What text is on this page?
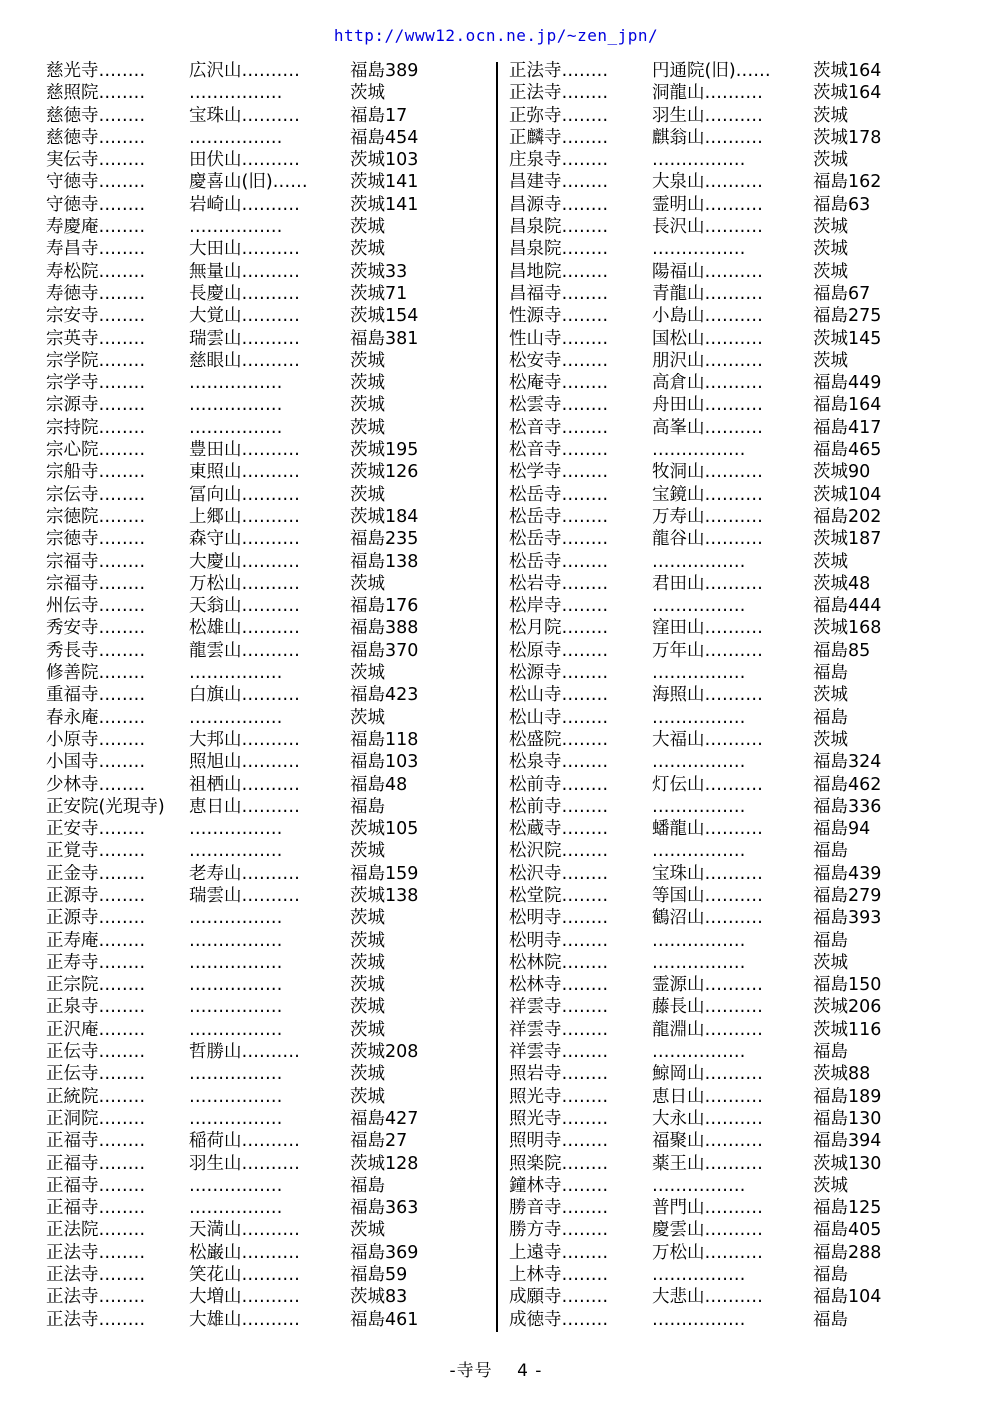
http://www12.ocn.ne.jp/~zen_jpn/
慈光寺‥‥‥‥	広沢山‥‥‥‥‥	福島389
慈照院‥‥‥‥	‥‥‥‥‥‥‥‥	茨城
慈徳寺‥‥‥‥	宝珠山‥‥‥‥‥	福島17
慈徳寺‥‥‥‥	‥‥‥‥‥‥‥‥	福島454
実伝寺‥‥‥‥	田伏山‥‥‥‥‥	茨城103
守徳寺‥‥‥‥	慶喜山(旧)‥‥‥	茨城141
守徳寺‥‥‥‥	岩崎山‥‥‥‥‥	茨城141
寿慶庵‥‥‥‥	‥‥‥‥‥‥‥‥	茨城
寿昌寺‥‥‥‥	大田山‥‥‥‥‥	茨城
寿松院‥‥‥‥	無量山‥‥‥‥‥	茨城33
寿徳寺‥‥‥‥	長慶山‥‥‥‥‥	茨城71
宗安寺‥‥‥‥	大覚山‥‥‥‥‥	茨城154
宗英寺‥‥‥‥	瑞雲山‥‥‥‥‥	福島381
宗学院‥‥‥‥	慈眼山‥‥‥‥‥	茨城
宗学寺‥‥‥‥	‥‥‥‥‥‥‥‥	茨城
宗源寺‥‥‥‥	‥‥‥‥‥‥‥‥	茨城
宗持院‥‥‥‥	‥‥‥‥‥‥‥‥	茨城
宗心院‥‥‥‥	豊田山‥‥‥‥‥	茨城195
宗船寺‥‥‥‥	東照山‥‥‥‥‥	茨城126
宗伝寺‥‥‥‥	冨向山‥‥‥‥‥	茨城
宗徳院‥‥‥‥	上郷山‥‥‥‥‥	茨城184
宗徳寺‥‥‥‥	森守山‥‥‥‥‥	福島235
宗福寺‥‥‥‥	大慶山‥‥‥‥‥	福島138
宗福寺‥‥‥‥	万松山‥‥‥‥‥	茨城
州伝寺‥‥‥‥	天翁山‥‥‥‥‥	福島176
秀安寺‥‥‥‥	松雄山‥‥‥‥‥	福島388
秀長寺‥‥‥‥	龍雲山‥‥‥‥‥	福島370
修善院‥‥‥‥	‥‥‥‥‥‥‥‥	茨城
重福寺‥‥‥‥	白旗山‥‥‥‥‥	福島423
春永庵‥‥‥‥	‥‥‥‥‥‥‥‥	茨城
小原寺‥‥‥‥	大邦山‥‥‥‥‥	福島118
小国寺‥‥‥‥	照旭山‥‥‥‥‥	福島103
少林寺‥‥‥‥	祖栖山‥‥‥‥‥	福島48
正安院(光現寺)	恵日山‥‥‥‥‥	福島
正安寺‥‥‥‥	‥‥‥‥‥‥‥‥	茨城105
正覚寺‥‥‥‥	‥‥‥‥‥‥‥‥	茨城
正金寺‥‥‥‥	老寿山‥‥‥‥‥	福島159
正源寺‥‥‥‥	瑞雲山‥‥‥‥‥	茨城138
正源寺‥‥‥‥	‥‥‥‥‥‥‥‥	茨城
正寿庵‥‥‥‥	‥‥‥‥‥‥‥‥	茨城
正寿寺‥‥‥‥	‥‥‥‥‥‥‥‥	茨城
正宗院‥‥‥‥	‥‥‥‥‥‥‥‥	茨城
正泉寺‥‥‥‥	‥‥‥‥‥‥‥‥	茨城
正沢庵‥‥‥‥	‥‥‥‥‥‥‥‥	茨城
正伝寺‥‥‥‥	哲勝山‥‥‥‥‥	茨城208
正伝寺‥‥‥‥	‥‥‥‥‥‥‥‥	茨城
正統院‥‥‥‥	‥‥‥‥‥‥‥‥	茨城
正洞院‥‥‥‥	‥‥‥‥‥‥‥‥	福島427
正福寺‥‥‥‥	稲荷山‥‥‥‥‥	福島27
正福寺‥‥‥‥	羽生山‥‥‥‥‥	茨城128
正福寺‥‥‥‥	‥‥‥‥‥‥‥‥	福島
正福寺‥‥‥‥	‥‥‥‥‥‥‥‥	福島363
正法院‥‥‥‥	天満山‥‥‥‥‥	茨城
正法寺‥‥‥‥	松巌山‥‥‥‥‥	福島369
正法寺‥‥‥‥	笑花山‥‥‥‥‥	福島59
正法寺‥‥‥‥	大増山‥‥‥‥‥	茨城83
正法寺‥‥‥‥	大雄山‥‥‥‥‥	福島461
正法寺‥‥‥‥	円通院(旧)‥‥‥	茨城164
正法寺‥‥‥‥	洞龍山‥‥‥‥‥	茨城164
正弥寺‥‥‥‥	羽生山‥‥‥‥‥	茨城
正麟寺‥‥‥‥	麒翁山‥‥‥‥‥	茨城178
庄泉寺‥‥‥‥	‥‥‥‥‥‥‥‥	茨城
昌建寺‥‥‥‥	大泉山‥‥‥‥‥	福島162
昌源寺‥‥‥‥	霊明山‥‥‥‥‥	福島63
昌泉院‥‥‥‥	長沢山‥‥‥‥‥	茨城
昌泉院‥‥‥‥	‥‥‥‥‥‥‥‥	茨城
昌地院‥‥‥‥	陽福山‥‥‥‥‥	茨城
昌福寺‥‥‥‥	青龍山‥‥‥‥‥	福島67
性源寺‥‥‥‥	小島山‥‥‥‥‥	福島275
性山寺‥‥‥‥	国松山‥‥‥‥‥	茨城145
松安寺‥‥‥‥	朋沢山‥‥‥‥‥	茨城
松庵寺‥‥‥‥	高倉山‥‥‥‥‥	福島449
松雲寺‥‥‥‥	舟田山‥‥‥‥‥	福島164
松音寺‥‥‥‥	高峯山‥‥‥‥‥	福島417
松音寺‥‥‥‥	‥‥‥‥‥‥‥‥	福島465
松学寺‥‥‥‥	牧洞山‥‥‥‥‥	茨城90
松岳寺‥‥‥‥	宝鏡山‥‥‥‥‥	茨城104
松岳寺‥‥‥‥	万寿山‥‥‥‥‥	福島202
松岳寺‥‥‥‥	龍谷山‥‥‥‥‥	茨城187
松岳寺‥‥‥‥	‥‥‥‥‥‥‥‥	茨城
松岩寺‥‥‥‥	君田山‥‥‥‥‥	茨城48
松岸寺‥‥‥‥	‥‥‥‥‥‥‥‥	福島444
松月院‥‥‥‥	窪田山‥‥‥‥‥	茨城168
松原寺‥‥‥‥	万年山‥‥‥‥‥	福島85
松源寺‥‥‥‥	‥‥‥‥‥‥‥‥	福島
松山寺‥‥‥‥	海照山‥‥‥‥‥	茨城
松山寺‥‥‥‥	‥‥‥‥‥‥‥‥	福島
松盛院‥‥‥‥	大福山‥‥‥‥‥	茨城
松泉寺‥‥‥‥	‥‥‥‥‥‥‥‥	福島324
松前寺‥‥‥‥	灯伝山‥‥‥‥‥	福島462
松前寺‥‥‥‥	‥‥‥‥‥‥‥‥	福島336
松蔵寺‥‥‥‥	蟠龍山‥‥‥‥‥	福島94
松沢院‥‥‥‥	‥‥‥‥‥‥‥‥	福島
松沢寺‥‥‥‥	宝珠山‥‥‥‥‥	福島439
松堂院‥‥‥‥	等国山‥‥‥‥‥	福島279
松明寺‥‥‥‥	鶴沼山‥‥‥‥‥	福島393
松明寺‥‥‥‥	‥‥‥‥‥‥‥‥	福島
松林院‥‥‥‥	‥‥‥‥‥‥‥‥	茨城
松林寺‥‥‥‥	霊源山‥‥‥‥‥	福島150
祥雲寺‥‥‥‥	藤長山‥‥‥‥‥	茨城206
祥雲寺‥‥‥‥	龍淵山‥‥‥‥‥	茨城116
祥雲寺‥‥‥‥	‥‥‥‥‥‥‥‥	福島
照岩寺‥‥‥‥	鯨岡山‥‥‥‥‥	茨城88
照光寺‥‥‥‥	恵日山‥‥‥‥‥	福島189
照光寺‥‥‥‥	大永山‥‥‥‥‥	福島130
照明寺‥‥‥‥	福聚山‥‥‥‥‥	福島394
照楽院‥‥‥‥	薬王山‥‥‥‥‥	茨城130
鐘林寺‥‥‥‥	‥‥‥‥‥‥‥‥	茨城
勝音寺‥‥‥‥	普門山‥‥‥‥‥	福島125
勝方寺‥‥‥‥	慶雲山‥‥‥‥‥	福島405
上遠寺‥‥‥‥	万松山‥‥‥‥‥	福島288
上林寺‥‥‥‥	‥‥‥‥‥‥‥‥	福島
成願寺‥‥‥‥	大悲山‥‥‥‥‥	福島104
成徳寺‥‥‥‥	‥‥‥‥‥‥‥‥	福島
-寺号　 4 -
